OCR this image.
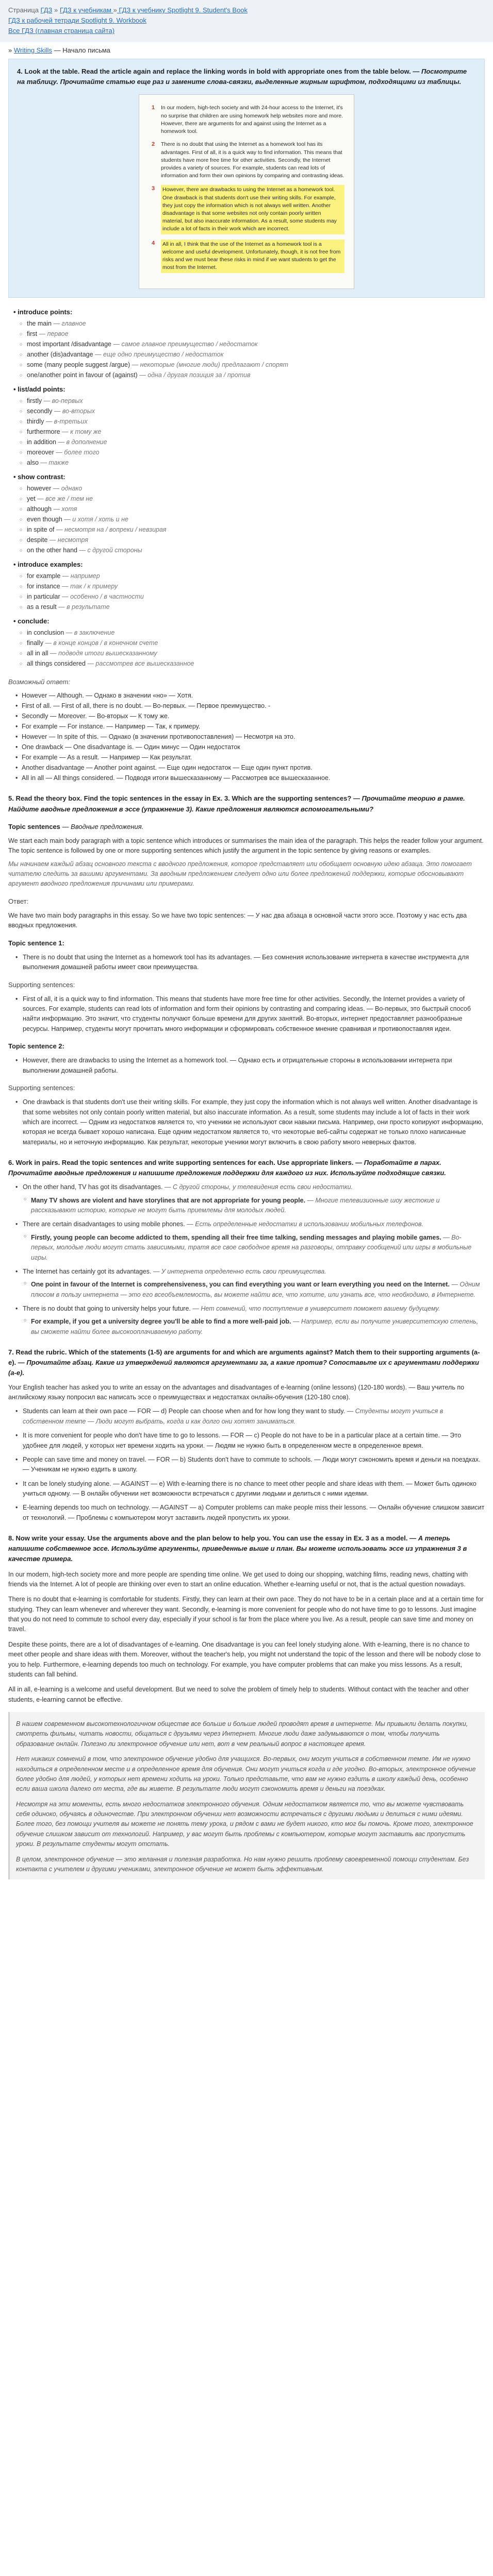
Страница ГДЗ » ГДЗ к учебникам » ГДЗ к учебнику Spotlight 9. Student's Book
ГДЗ к рабочей тетради Spotlight 9. Workbook
Все ГДЗ (главная страница сайта)
» Writing Skills — Начало письма
4. Look at the table. Read the article again and replace the linking words in bold with appropriate ones from the table below. — Посмотрите на таблицу. Прочитайте статью еще раз и замените слова-связки, выделенные жирным шрифтом, подходящими из таблицы.
1	In our modern, high-tech society and with 24-hour access to the Internet, it's no surprise that children are using homework help websites more and more. However, there are arguments for and against using the Internet as a homework tool.
2	There is no doubt that using the Internet as a homework tool has its advantages. First of all, it is a quick way to find information. This means that students have more free time for other activities. Secondly, the Internet provides a variety of sources. For example, students can read lots of information and form their own opinions by comparing and contrasting ideas.
3	However, there are drawbacks to using the Internet as a homework tool. One drawback is that students don't use their writing skills. For example, they just copy the information which is not always well written. Another disadvantage is that some websites not only contain poorly written material, but also inaccurate information. As a result, some students may include a lot of facts in their work which are incorrect.
4	All in all, I think that the use of the Internet as a homework tool is a welcome and useful development. Unfortunately, though, it is not free from risks and we must bear these risks in mind if we want students to get the most from the Internet.
• introduce points:
○ the main — главное
○ first — первое
○ most important /disadvantage — самое главное преимущество / недостаток
○ another (dis)advantage — еще одно преимущество / недостаток
○ some (many people suggest /argue) — некоторые (многие люди) предлагают / спорят
○ one/another point in favour of (against) — одна / другая позиция за / против
• list/add points:
○ firstly — во-первых
○ secondly — во-вторых
○ thirdly — в-третьих
○ furthermore — к тому же
○ in addition — в дополнение
○ moreover — более того
○ also — также
• show contrast:
○ however — однако
○ yet — все же / тем не
○ although — хотя
○ even though — и хотя / хоть и не
○ in spite of — несмотря на / вопреки / невзирая
○ despite — несмотря
○ on the other hand — с другой стороны
• introduce examples:
○ for example — например
○ for instance — так / к примеру
○ in particular — особенно / в частности
○ as a result — в результате
• conclude:
○ in conclusion — в заключение
○ finally — в конце концов / в конечном счете
○ all in all — подводя итоги вышесказанному
○ all things considered — рассмотрев все вышесказанное
Возможный ответ:
• However — Although. — Однако в значении «но» — Хотя.
• First of all. — First of all, there is no doubt. — Во-первых. — Первое преимущество. -
• Secondly — Moreover. — Во-вторых — К тому же.
• For example — For instance. — Например — Так, к примеру.
• However — In spite of this. — Однако (в значении противопоставления) — Несмотря на это.
• One drawback — One disadvantage is. — Один минус — Один недостаток
• For example — As a result. — Например — Как результат.
• Another disadvantage — Another point against. — Еще один недостаток — Еще один пункт против.
• All in all — All things considered. — Подводя итоги вышесказанному — Рассмотрев все вышесказанное.
5. Read the theory box. Find the topic sentences in the essay in Ex. 3. Which are the supporting sentences? — Прочитайте теорию в рамке. Найдите вводные предложения в эссе (упражнение 3). Какие предложения являются вспомогательными?
Topic sentences — Вводные предложения.

We start each main body paragraph with a topic sentence which introduces or summarises the main idea of the paragraph. This helps the reader follow your argument. The topic sentence is followed by one or more supporting sentences which justify the argument in the topic sentence by giving reasons or examples.

Мы начинаем каждый абзац основного текста с вводного предложения, которое представляет или обобщает основную идею абзаца. Это помогает читателю следить за вашими аргументами. За вводным предложением следует одно или более предложений поддержки, которые обосновывают аргумент вводного предложения причинами или примерами.

Ответ:

We have two main body paragraphs in this essay. So we have two topic sentences: — У нас два абзаца в основной части этого эссе. Поэтому у нас есть два вводных предложения.

Topic sentence 1:
• There is no doubt that using the Internet as a homework tool has its advantages. — Без сомнения использование интернета в качестве инструмента для выполнения домашней работы имеет свои преимущества.
Supporting sentences:
• First of all, it is a quick way to find information. This means that students have more free time for other activities. Secondly, the Internet provides a variety of sources. For example, students can read lots of information and form their opinions by contrasting and comparing ideas. — Во-первых, это быстрый способ найти информацию. Это значит, что студенты получают больше времени для других занятий. Во-вторых, интернет предоставляет разнообразные ресурсы. Например, студенты могут прочитать много информации и сформировать собственное мнение сравнивая и противопоставляя идеи.
Topic sentence 2:
• However, there are drawbacks to using the Internet as a homework tool. — Однако есть и отрицательные стороны в использовании интернета при выполнении домашней работы.
Supporting sentences:
• One drawback is that students don't use their writing skills. For example, they just copy the information which is not always well written. Another disadvantage is that some websites not only contain poorly written material, but also inaccurate information. As a result, some students may include a lot of facts in their work which are incorrect. — Одним из недостатков является то, что ученики не используют свои навыки письма. Например, они просто копируют информацию, которая не всегда бывает хорошо написана. Еще одним недостатком является то, что некоторые веб-сайты содержат не только плохо написанные материалы, но и неточную информацию. Как результат, некоторые ученики могут включить в свою работу много неверных фактов.
6. Work in pairs. Read the topic sentences and write supporting sentences for each. Use appropriate linkers. — Поработайте в парах. Прочитайте вводные предложения и напишите предложения поддержки для каждого из них. Используйте подходящие связки.
• On the other hand, TV has got its disadvantages. — С другой стороны, у телевидения есть свои недостатки.
○ Many TV shows are violent and have storylines that are not appropriate for young people. — Многие телевизионные шоу жестокие и рассказывают историю, которые не могут быть приемлемы для молодых людей.
• There are certain disadvantages to using mobile phones. — Есть определенные недостатки в использовании мобильных телефонов.
○ Firstly, young people can become addicted to them, spending all their free time talking, sending messages and playing mobile games. — Во-первых, молодые люди могут стать зависимыми, тратя все свое свободное время на разговоры, отправку сообщений или игры в мобильные игры.
• The Internet has certainly got its advantages. — У интернета определенно есть свои преимущества.
○ One point in favour of the Internet is comprehensiveness, you can find everything you want or learn everything you need on the Internet. — Одним плюсом в пользу интернета — это его всеобъемлемость, вы можете найти все, что хотите, или узнать все, что необходимо, в Интернете.
• There is no doubt that going to university helps your future. — Нет сомнений, что поступление в университет поможет вашему будущему.
○ For example, if you get a university degree you'll be able to find a more well-paid job. — Например, если вы получите университетскую степень, вы сможете найти более высокооплачиваемую работу.
7. Read the rubric. Which of the statements (1-5) are arguments for and which are arguments against? Match them to their supporting arguments (a-e). — Прочитайте абзац. Какие из утверждений являются аргументами за, а какие против? Сопоставьте их с аргументами поддержки (а-е).

Your English teacher has asked you to write an essay on the advantages and disadvantages of e-learning (online lessons) (120-180 words). — Ваш учитель по английскому языку попросил вас написать эссе о преимуществах и недостатках онлайн-обучения (120-180 слов).

• Students can learn at their own pace — FOR — d) People can choose when and for how long they want to study. — Студенты могут учиться в собственном темпе — Люди могут выбрать, когда и как долго они хотят заниматься.
• It is more convenient for people who don't have time to go to lessons. — FOR — c) People do not have to be in a particular place at a certain time. — Это удобнее для людей, у которых нет времени ходить на уроки. — Людям не нужно быть в определенном месте в определенное время.
• People can save time and money on travel. — FOR — b) Students don't have to commute to schools. — Люди могут сэкономить время и деньги на поездках. — Ученикам не нужно ездить в школу.
• It can be lonely studying alone. — AGAINST — e) With e-learning there is no chance to meet other people and share ideas with them. — Может быть одиноко учиться одному. — В онлайн обучении нет возможности встречаться с другими людьми и делиться с ними идеями.
• E-learning depends too much on technology. — AGAINST — a) Computer problems can make people miss their lessons. — Онлайн обучение слишком зависит от технологий. — Проблемы с компьютером могут заставить людей пропустить их уроки.
8. Now write your essay. Use the arguments above and the plan below to help you. You can use the essay in Ex. 3 as a model. — А теперь напишите собственное эссе. Используйте аргументы, приведенные выше и план. Вы можете использовать эссе из упражнения 3 в качестве примера.

In our modern, high-tech society more and more people are spending time online. We get used to doing our shopping, watching films, reading news, chatting with friends via the Internet. A lot of people are thinking over even to start an online education. Whether e-learning useful or not, that is the actual question nowadays.

There is no doubt that e-learning is comfortable for students. Firstly, they can learn at their own pace. They do not have to be in a certain place and at a certain time for studying. They can learn whenever and wherever they want. Secondly, e-learning is more convenient for people who do not have time to go to lessons. Just imagine that you do not need to commute to school every day, especially if your school is far from the place where you live. As a result, people can save time and money on travel.

Despite these points, there are a lot of disadvantages of e-learning. One disadvantage is you can feel lonely studying alone. With e-learning, there is no chance to meet other people and share ideas with them. Moreover, without the teacher's help, you might not understand the topic of the lesson and there will be nobody close to you to help. Furthermore, e-learning depends too much on technology. For example, you have computer problems that can make you miss lessons. As a result, students can fall behind.

All in all, e-learning is a welcome and useful development. But we need to solve the problem of timely help to students. Without contact with the teacher and other students, e-learning cannot be effective.

В нашем современном высокотехнологичном обществе все больше и больше людей проводят время в интернете. Мы привыкли делать покупки, смотреть фильмы, читать новости, общаться с друзьями через Интернет. Многие люди даже задумываются о том, чтобы получить образование онлайн. Полезно ли электронное обучение или нет, вот в чем реальный вопрос в настоящее время.

Нет никаких сомнений в том, что электронное обучение удобно для учащихся. Во-первых, они могут учиться в собственном темпе. Им не нужно находиться в определенном месте и в определенное время для обучения. Они могут учиться когда и где угодно. Во-вторых, электронное обучение более удобно для людей, у которых нет времени ходить на уроки. Только представьте, что вам не нужно ездить в школу каждый день, особенно если ваша школа далеко от места, где вы живете. В результате люди могут сэкономить время и деньги на поездках.

Несмотря на эти моменты, есть много недостатков электронного обучения. Одним недостатком является то, что вы можете чувствовать себя одиноко, обучаясь в одиночестве. При электронном обучении нет возможности встречаться с другими людьми и делиться с ними идеями. Более того, без помощи учителя вы можете не понять тему урока, и рядом с вами не будет никого, кто мог бы помочь. Кроме того, электронное обучение слишком зависит от технологий. Например, у вас могут быть проблемы с компьютером, которые могут заставить вас пропустить уроки. В результате студенты могут отстать.

В целом, электронное обучение — это желанная и полезная разработка. Но нам нужно решить проблему своевременной помощи студентам. Без контакта с учителем и другими учениками, электронное обучение не может быть эффективным.
